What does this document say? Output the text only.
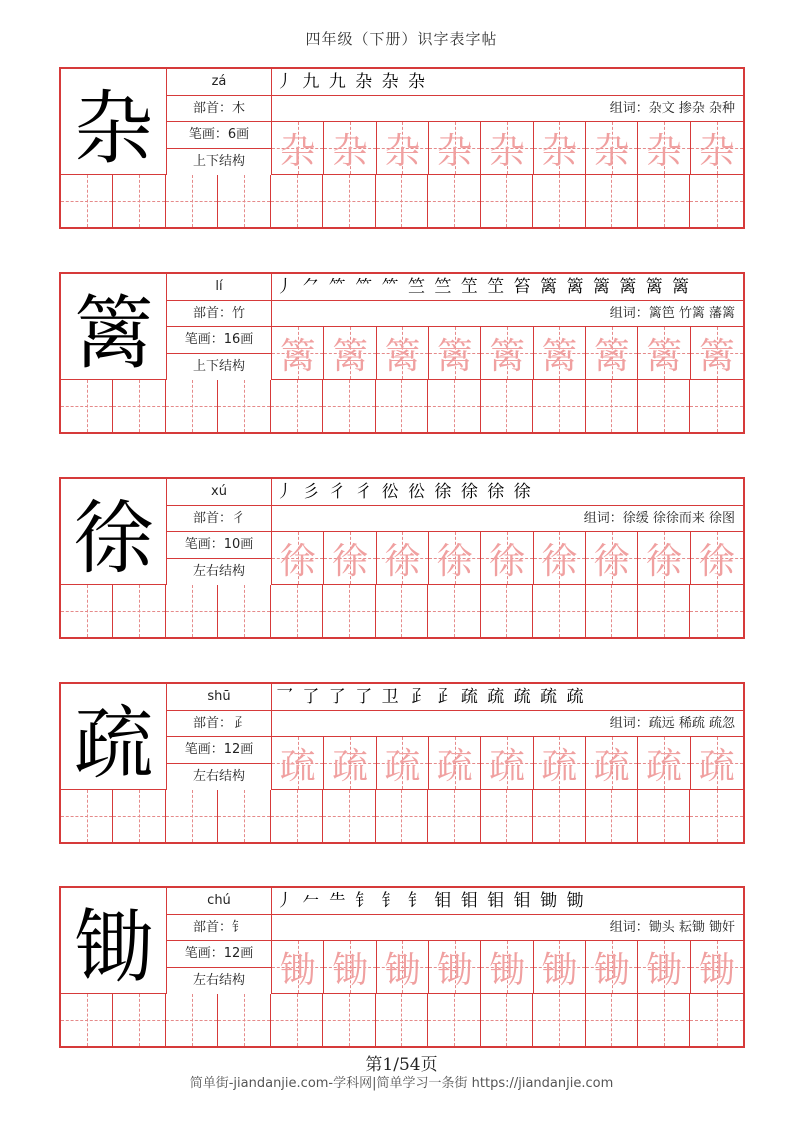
四年级（下册）识字表字帖
杂
zá
部首：木
笔画：6画
上下结构
丿 九 九 杂 杂 杂
组词：杂文 掺杂 杂种
杂 杂 杂 杂 杂 杂 杂 杂 杂
篱
lí
部首：竹
笔画：16画
上下结构
丿 ⺈ ⺮ ⺮ ⺮ 竺 竺 笁 笁 笞 篱 篱 篱 篱 篱 篱
组词：篱笆 竹篱 藩篱
篱 篱 篱 篱 篱 篱 篱 篱 篱
徐
xú
部首：彳
笔画：10画
左右结构
丿 彡 彳 彳 彸 彸 徐 徐 徐 徐
组词：徐缓 徐徐而来 徐图
徐 徐 徐 徐 徐 徐 徐 徐 徐
疏
shū
部首：𤴔
笔画：12画
左右结构
乛 了 了 了 卫 𤴔 𤴔 疏 疏 疏 疏 疏
组词：疏远 稀疏 疏忽
疏 疏 疏 疏 疏 疏 疏 疏 疏
锄
chú
部首：钅
笔画：12画
左右结构
丿 𠂉 ⺧ 钅 钅 钅 钼 钼 钼 钼 锄 锄
组词：锄头 耘锄 锄奸
锄 锄 锄 锄 锄 锄 锄 锄 锄
第1/54页
简单街-jiandanjie.com-学科网|简单学习一条街 https://jiandanjie.com
